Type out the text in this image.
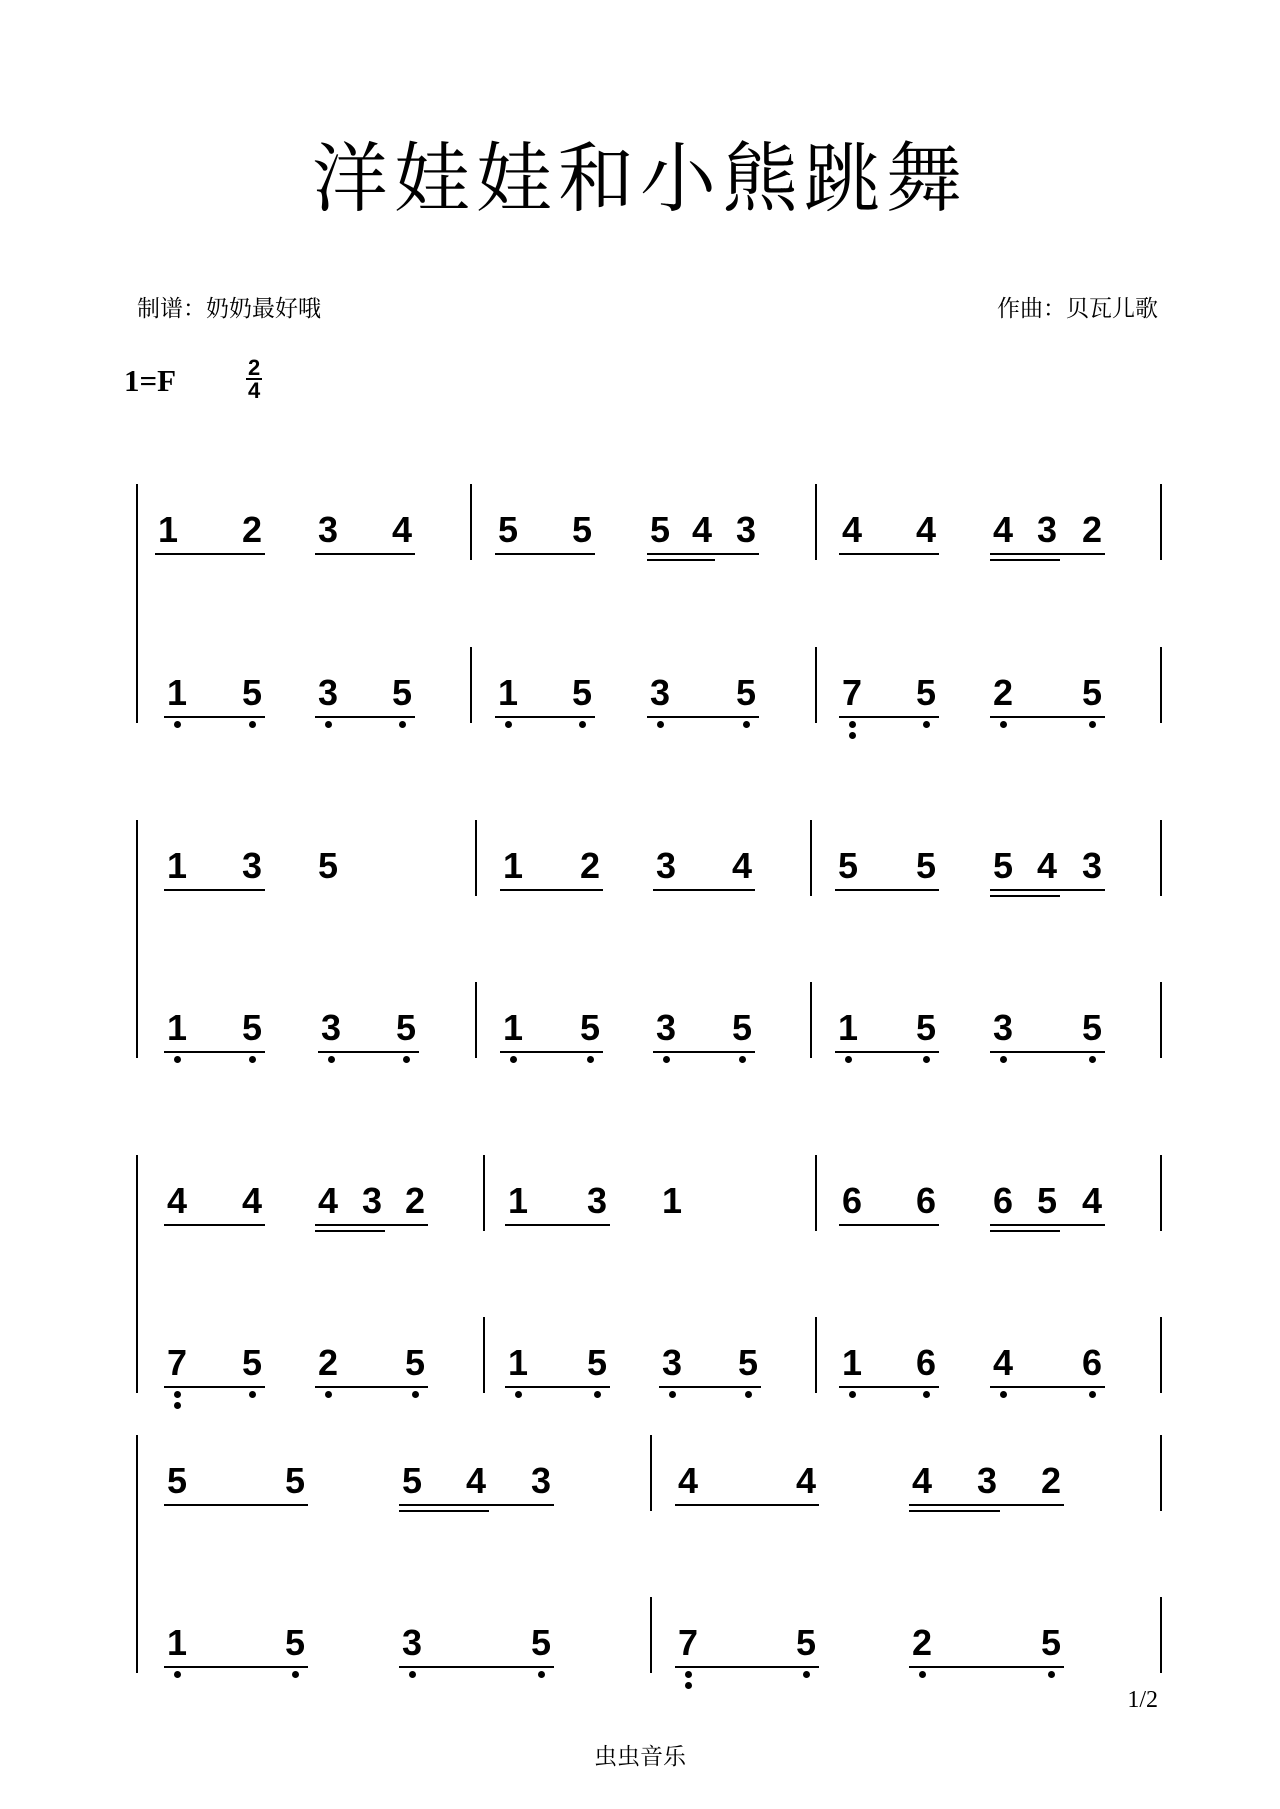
洋娃娃和小熊跳舞
制谱：奶奶最好哦	作曲：贝瓦儿歌
1=F	2
4
1 2 3 4 5 5 5 4 3 4 4 4 3 2
1 5 3 5 1 5 3 5 7 5 2 5
1 3 5	1 2 3 4 5 5 5 4 3
1 5 3 5 1 5 3 5 1 5 3 5
4 4 4 3 2 1 3 1	6 6 6 5 4
7 5 2 5 1 5 3 5 1 6 4 6
5	5	5 4 3	4	4	4 3 2
1	5	3	5	7	5	2	5
1/2
虫虫音乐
